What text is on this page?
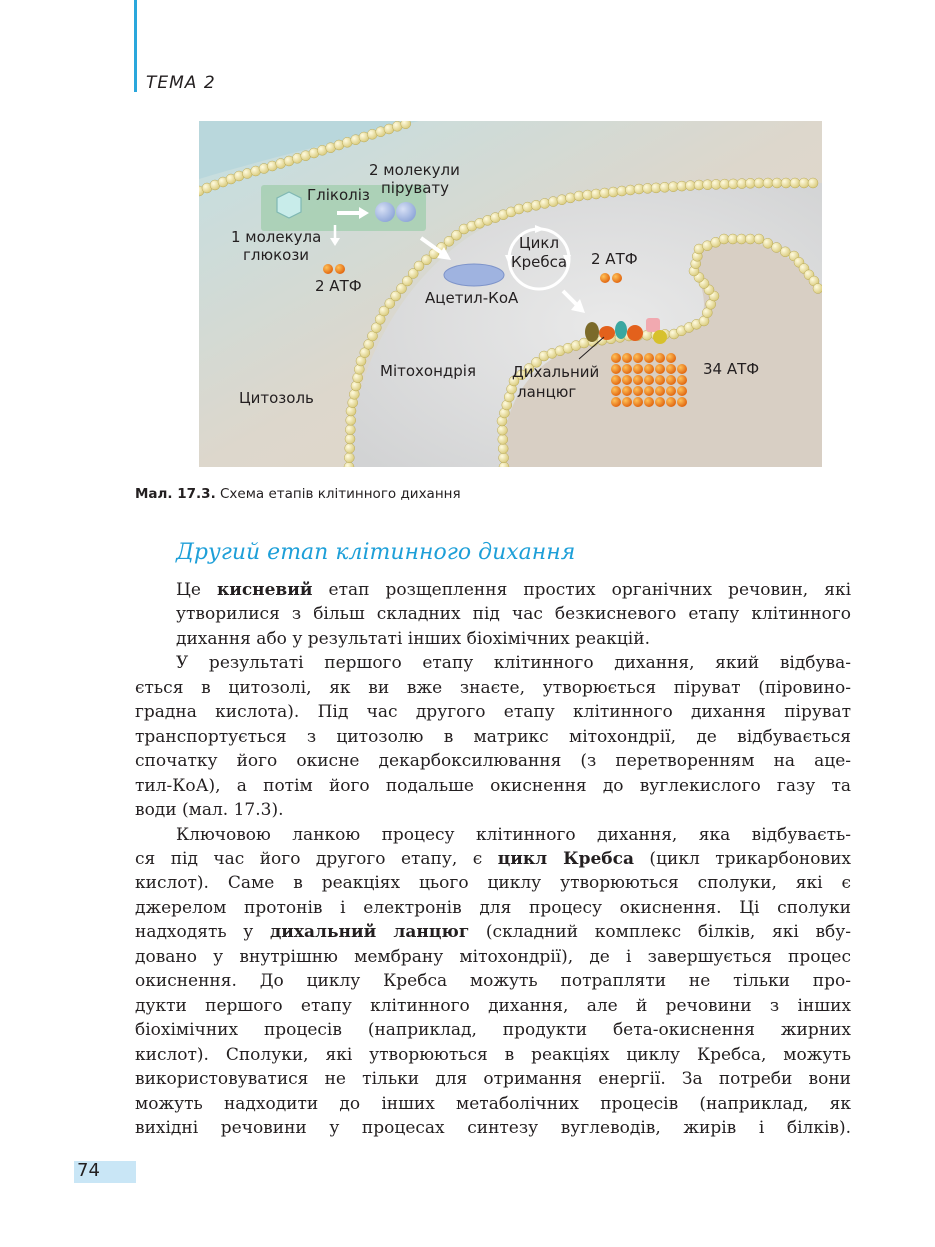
ТЕМА 2
2 молекули
пірувату
Гліколіз
1 молекула
глюкози
2 АТФ
Цикл
Кребса 2 АТФ
Ацетил-КоА
Мітохондрія Дихальний
ланцюг
34 АТФ
Цитозоль
Мал. 17.3. Схема етапів клітинного дихання
Другий етап клітинного дихання

Це кисневий етап розщеплення простих органічних речовин, які
утворилися з більш складних під час безкисневого етапу клітинного
дихання або у результаті інших біохімічних реакцій.

У результаті першого етапу клітинного дихання, який відбува-
ється в цитозолі, як ви вже знаєте, утворюється піруват (піровино-
градна кислота). Під час другого етапу клітинного дихання піруват
транспортується з цитозолю в матрикс мітохондрії, де відбувається
спочатку його окисне декарбоксилювання (з перетворенням на аце-
тил-КоА), а потім його подальше окиснення до вуглекислого газу та
води (мал. 17.3).

Ключовою ланкою процесу клітинного дихання, яка відбуваєть-
ся під час його другого етапу, є цикл Кребса (цикл трикарбонових
кислот). Саме в реакціях цього циклу утворюються сполуки, які є
джерелом протонів і електронів для процесу окиснення. Ці сполуки
надходять у дихальний ланцюг (складний комплекс білків, які вбу-
довано у внутрішню мембрану мітохондрії), де і завершується процес
окиснення. До циклу Кребса можуть потрапляти не тільки про-
дукти першого етапу клітинного дихання, але й речовини з інших
біохімічних процесів (наприклад, продукти бета-окиснення жирних
кислот). Сполуки, які утворюються в реакціях циклу Кребса, можуть
використовуватися не тільки для отримання енергії. За потреби вони
можуть надходити до інших метаболічних процесів (наприклад, як
вихідні речовини у процесах синтезу вуглеводів, жирів і білків).

74
